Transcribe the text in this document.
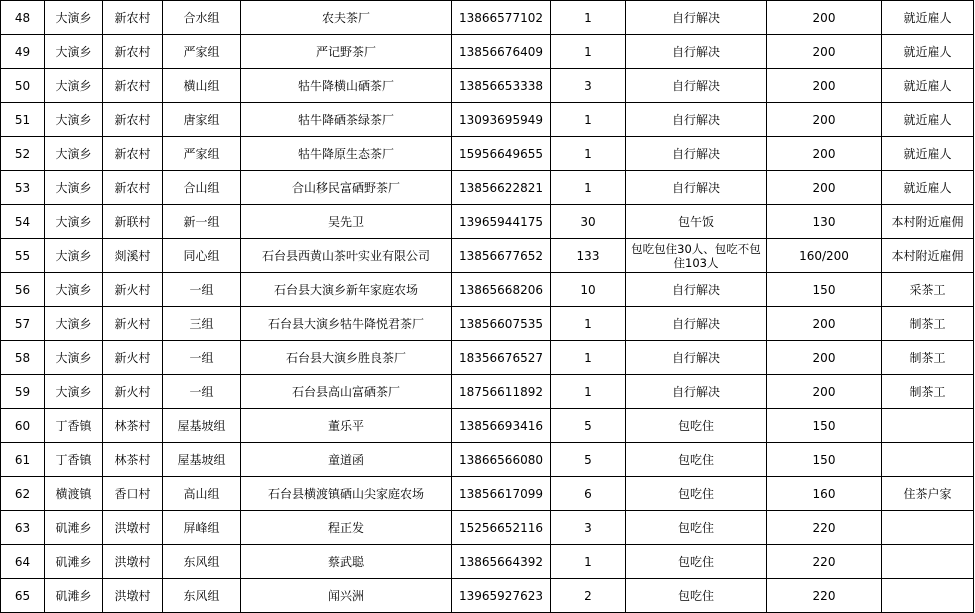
48	大演乡	新农村	合水组	农夫茶厂	13866577102	1	自行解决	200	就近雇人
49	大演乡	新农村	严家组	严记野茶厂	13856676409	1	自行解决	200	就近雇人
50	大演乡	新农村	横山组	牯牛降横山硒茶厂	13856653338	3	自行解决	200	就近雇人
51	大演乡	新农村	唐家组	牯牛降硒茶绿茶厂	13093695949	1	自行解决	200	就近雇人
52	大演乡	新农村	严家组	牯牛降原生态茶厂	15956649655	1	自行解决	200	就近雇人
53	大演乡	新农村	合山组	合山移民富硒野茶厂	13856622821	1	自行解决	200	就近雇人
54	大演乡	新联村	新一组	吴先卫	13965944175	30	包午饭	130	本村附近雇佣
55	大演乡	剡溪村	同心组	石台县西黄山茶叶实业有限公司	13856677652	133	包吃包住30人、包吃不包住103人	160/200	本村附近雇佣
56	大演乡	新火村	一组	石台县大演乡新年家庭农场	13865668206	10	自行解决	150	采茶工
57	大演乡	新火村	三组	石台县大演乡牯牛降悦君茶厂	13856607535	1	自行解决	200	制茶工
58	大演乡	新火村	一组	石台县大演乡胜良茶厂	18356676527	1	自行解决	200	制茶工
59	大演乡	新火村	一组	石台县高山富硒茶厂	18756611892	1	自行解决	200	制茶工
60	丁香镇	林茶村	屋基坡组	董乐平	13856693416	5	包吃住	150	
61	丁香镇	林茶村	屋基坡组	童道函	13866566080	5	包吃住	150	
62	横渡镇	香口村	高山组	石台县横渡镇硒山尖家庭农场	13856617099	6	包吃住	160	住茶户家
63	矶滩乡	洪墩村	屏峰组	程正发	15256652116	3	包吃住	220	
64	矶滩乡	洪墩村	东风组	蔡武聪	13865664392	1	包吃住	220	
65	矶滩乡	洪墩村	东风组	闻兴洲	13965927623	2	包吃住	220	
